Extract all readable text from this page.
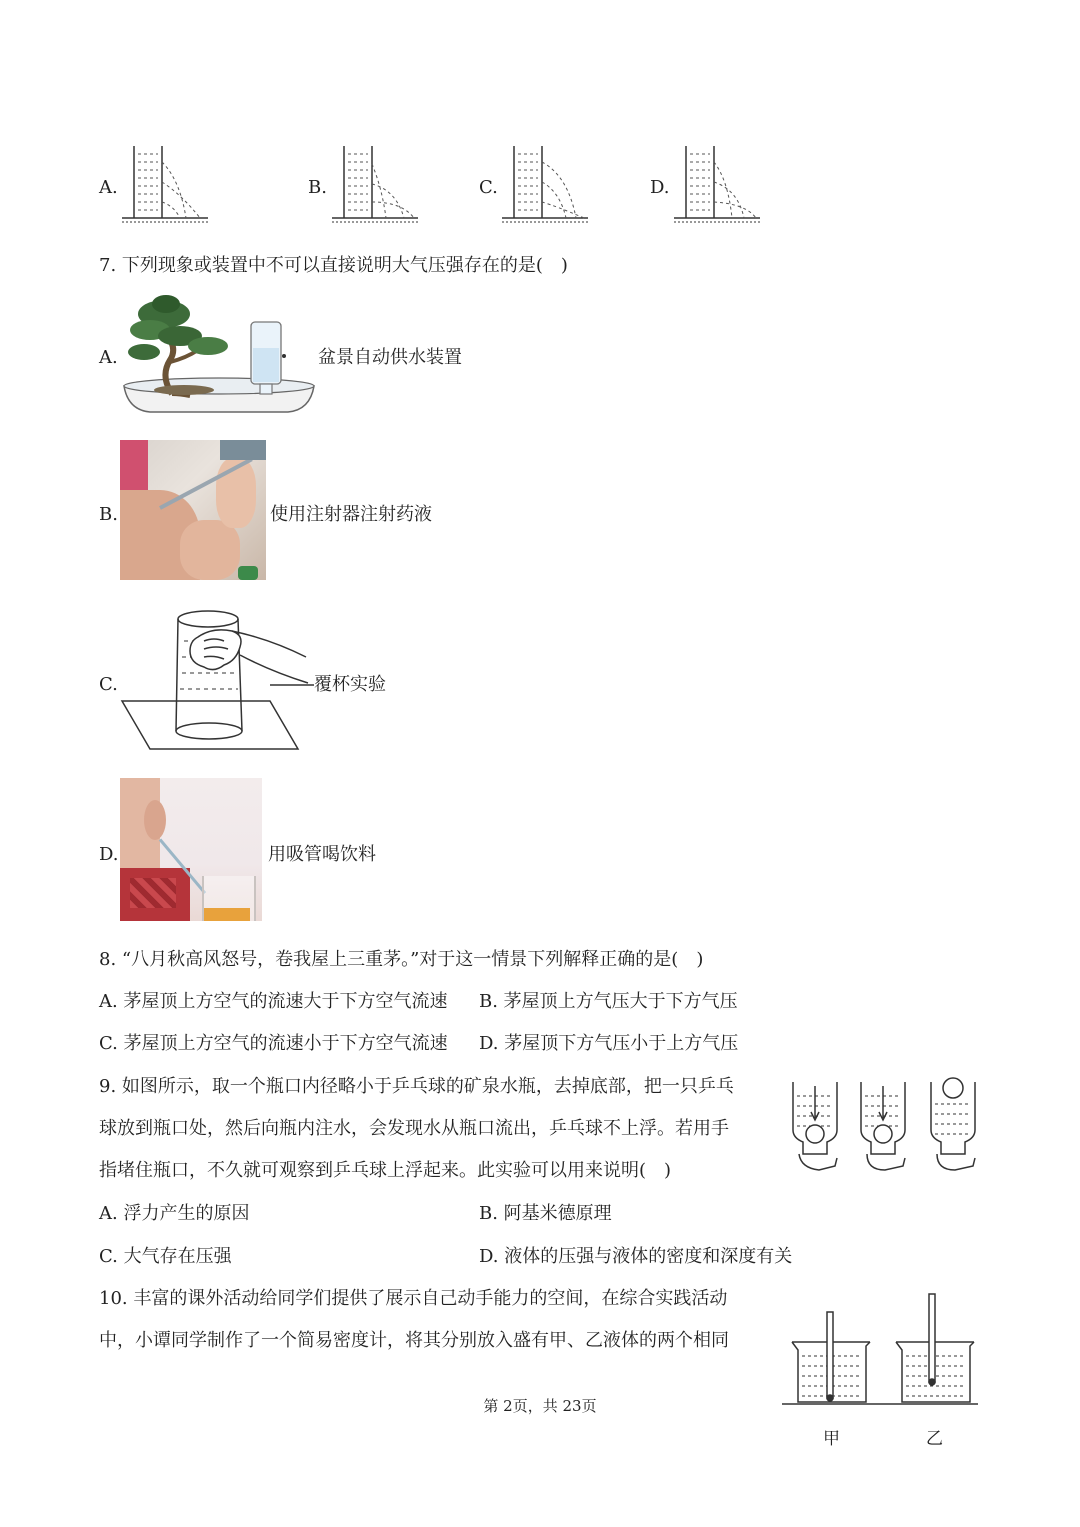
A.	B.	C.	D.
7. 下列现象或装置中不可以直接说明大气压强存在的是(　)
A.	盆景自动供水装置
B.	使用注射器注射药液
C.	覆杯实验
D.	用吸管喝饮料
8. “八月秋高风怒号，卷我屋上三重茅。”对于这一情景下列解释正确的是(　)
A. 茅屋顶上方空气的流速大于下方空气流速 B. 茅屋顶上方气压大于下方气压
C. 茅屋顶上方空气的流速小于下方空气流速 D. 茅屋顶下方气压小于上方气压
9. 如图所示，取一个瓶口内径略小于乒乓球的矿泉水瓶，去掉底部，把一只乒乓
球放到瓶口处，然后向瓶内注水，会发现水从瓶口流出，乒乓球不上浮。若用手
指堵住瓶口，不久就可观察到乒乓球上浮起来。此实验可以用来说明(　)
A. 浮力产生的原因	B. 阿基米德原理
C. 大气存在压强	D. 液体的压强与液体的密度和深度有关
10. 丰富的课外活动给同学们提供了展示自己动手能力的空间，在综合实践活动
中，小谭同学制作了一个简易密度计，将其分别放入盛有甲、乙液体的两个相同
甲	乙
第 2页，共 23页
